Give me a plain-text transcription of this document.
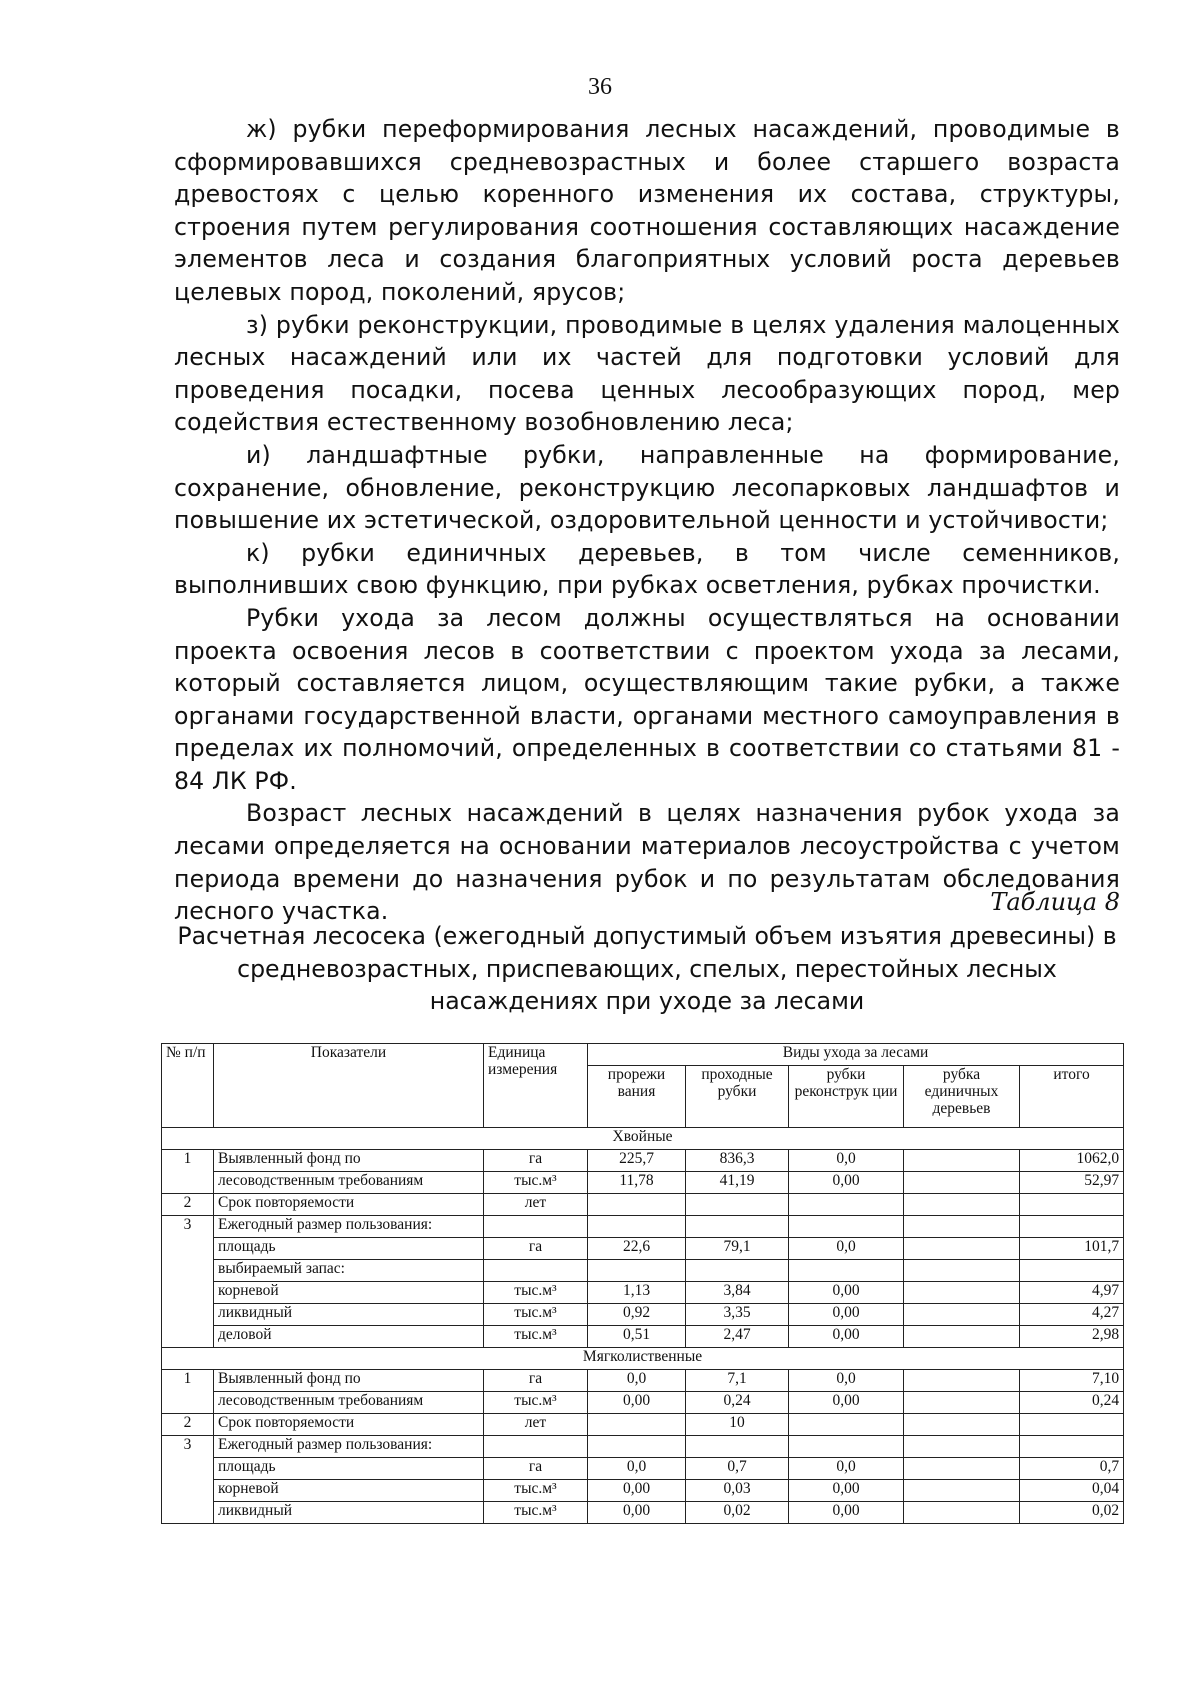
36

ж) рубки переформирования лесных насаждений, проводимые в сформировавшихся средневозрастных и более старшего возраста древостоях с целью коренного изменения их состава, структуры, строения путем регулирования соотношения составляющих насаждение элементов леса и создания благоприятных условий роста деревьев целевых пород, поколений, ярусов;

з) рубки реконструкции, проводимые в целях удаления малоценных лесных насаждений или их частей для подготовки условий для проведения посадки, посева ценных лесообразующих пород, мер содействия естественному возобновлению леса;

и) ландшафтные рубки, направленные на формирование, сохранение, обновление, реконструкцию лесопарковых ландшафтов и повышение их эстетической, оздоровительной ценности и устойчивости;

к) рубки единичных деревьев, в том числе семенников, выполнивших свою функцию, при рубках осветления, рубках прочистки.

Рубки ухода за лесом должны осуществляться на основании проекта освоения лесов в соответствии с проектом ухода за лесами, который составляется лицом, осуществляющим такие рубки, а также органами государственной власти, органами местного самоуправления в пределах их полномочий, определенных в соответствии со статьями 81 - 84 ЛК РФ.

Возраст лесных насаждений в целях назначения рубок ухода за лесами определяется на основании материалов лесоустройства с учетом периода времени до назначения рубок и по результатам обследования лесного участка.	Таблица 8
Расчетная лесосека (ежегодный допустимый объем изъятия древесины) в средневозрастных, приспевающих, спелых, перестойных лесных насаждениях при уходе за лесами
№ п/п	Показатели	Единица измерения	Виды ухода за лесами				
			прорежи вания	проходные рубки	рубки реконструк ции	рубка единичных деревьев	итого
Хвойные							
1	Выявленный фонд по	га	225,7	836,3	0,0		1062,0
	лесоводственным требованиям	тыс.м³	11,78	41,19	0,00		52,97
2	Срок повторяемости	лет					
3	Ежегодный размер пользования:						
	площадь	га	22,6	79,1	0,0		101,7
	выбираемый запас:						
	корневой	тыс.м³	1,13	3,84	0,00		4,97
	ликвидный	тыс.м³	0,92	3,35	0,00		4,27
	деловой	тыс.м³	0,51	2,47	0,00		2,98
Мягколиственные							
1	Выявленный фонд по	га	0,0	7,1	0,0		7,10
	лесоводственным требованиям	тыс.м³	0,00	0,24	0,00		0,24
2	Срок повторяемости	лет		10			
3	Ежегодный размер пользования:						
	площадь	га	0,0	0,7	0,0		0,7
	корневой	тыс.м³	0,00	0,03	0,00		0,04
	ликвидный	тыс.м³	0,00	0,02	0,00		0,02
